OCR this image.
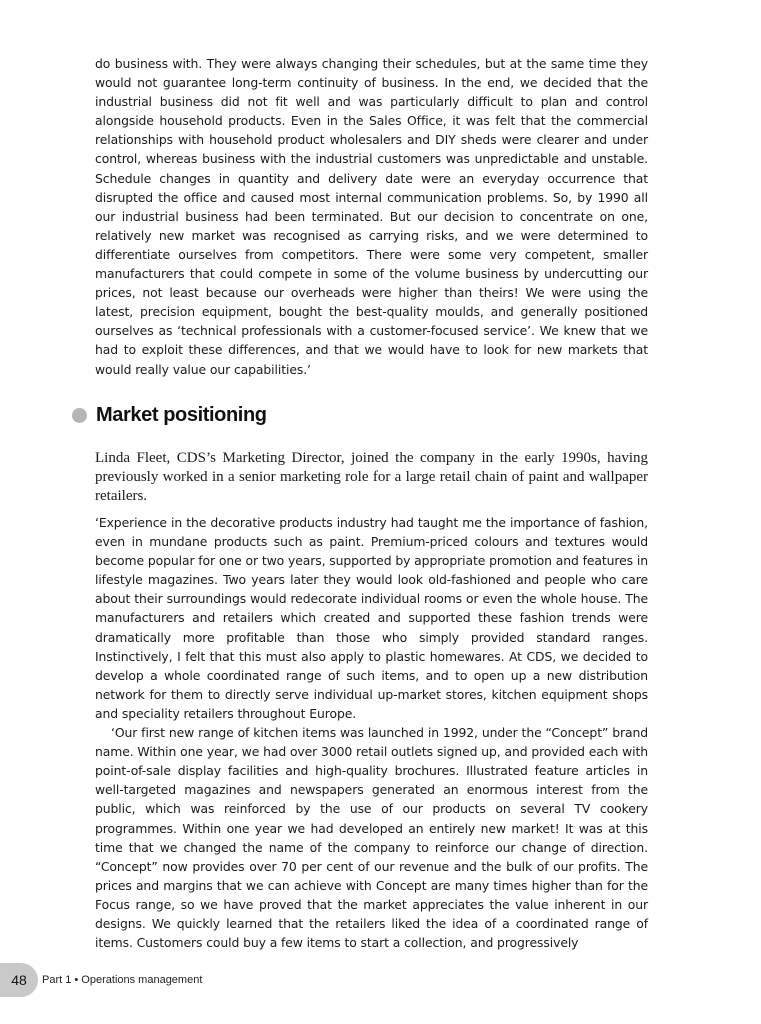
do business with. They were always changing their schedules, but at the same time they would not guarantee long-term continuity of business. In the end, we decided that the industrial business did not fit well and was particularly difficult to plan and control alongside household products. Even in the Sales Office, it was felt that the commercial relationships with household product wholesalers and DIY sheds were clearer and under control, whereas business with the industrial customers was unpredictable and unstable. Schedule changes in quantity and delivery date were an everyday occurrence that disrupted the office and caused most internal communication problems. So, by 1990 all our industrial business had been terminated. But our decision to concentrate on one, relatively new market was recognised as carrying risks, and we were determined to differentiate ourselves from competitors. There were some very competent, smaller manufacturers that could compete in some of the volume business by undercutting our prices, not least because our overheads were higher than theirs! We were using the latest, precision equipment, bought the best-quality moulds, and generally positioned ourselves as ‘technical professionals with a customer-focused service’. We knew that we had to exploit these differences, and that we would have to look for new markets that would really value our capabilities.’

Market positioning

Linda Fleet, CDS’s Marketing Director, joined the company in the early 1990s, having previously worked in a senior marketing role for a large retail chain of paint and wallpaper retailers.

‘Experience in the decorative products industry had taught me the importance of fashion, even in mundane products such as paint. Premium-priced colours and textures would become popular for one or two years, supported by appropriate promotion and features in lifestyle magazines. Two years later they would look old-fashioned and people who care about their surroundings would redecorate individual rooms or even the whole house. The manufacturers and retailers which created and supported these fashion trends were dramatically more profitable than those who simply provided standard ranges. Instinctively, I felt that this must also apply to plastic homewares. At CDS, we decided to develop a whole coordinated range of such items, and to open up a new distribution network for them to directly serve individual up-market stores, kitchen equipment shops and speciality retailers throughout Europe.

‘Our first new range of kitchen items was launched in 1992, under the “Concept” brand name. Within one year, we had over 3000 retail outlets signed up, and provided each with point-of-sale display facilities and high-quality brochures. Illustrated feature articles in well-targeted magazines and newspapers generated an enormous interest from the public, which was reinforced by the use of our products on several TV cookery programmes. Within one year we had developed an entirely new market! It was at this time that we changed the name of the company to reinforce our change of direction. “Concept” now provides over 70 per cent of our revenue and the bulk of our profits. The prices and margins that we can achieve with Concept are many times higher than for the Focus range, so we have proved that the market appreciates the value inherent in our designs. We quickly learned that the retailers liked the idea of a coordinated range of items. Customers could buy a few items to start a collection, and progressively

48	Part 1 • Operations management
